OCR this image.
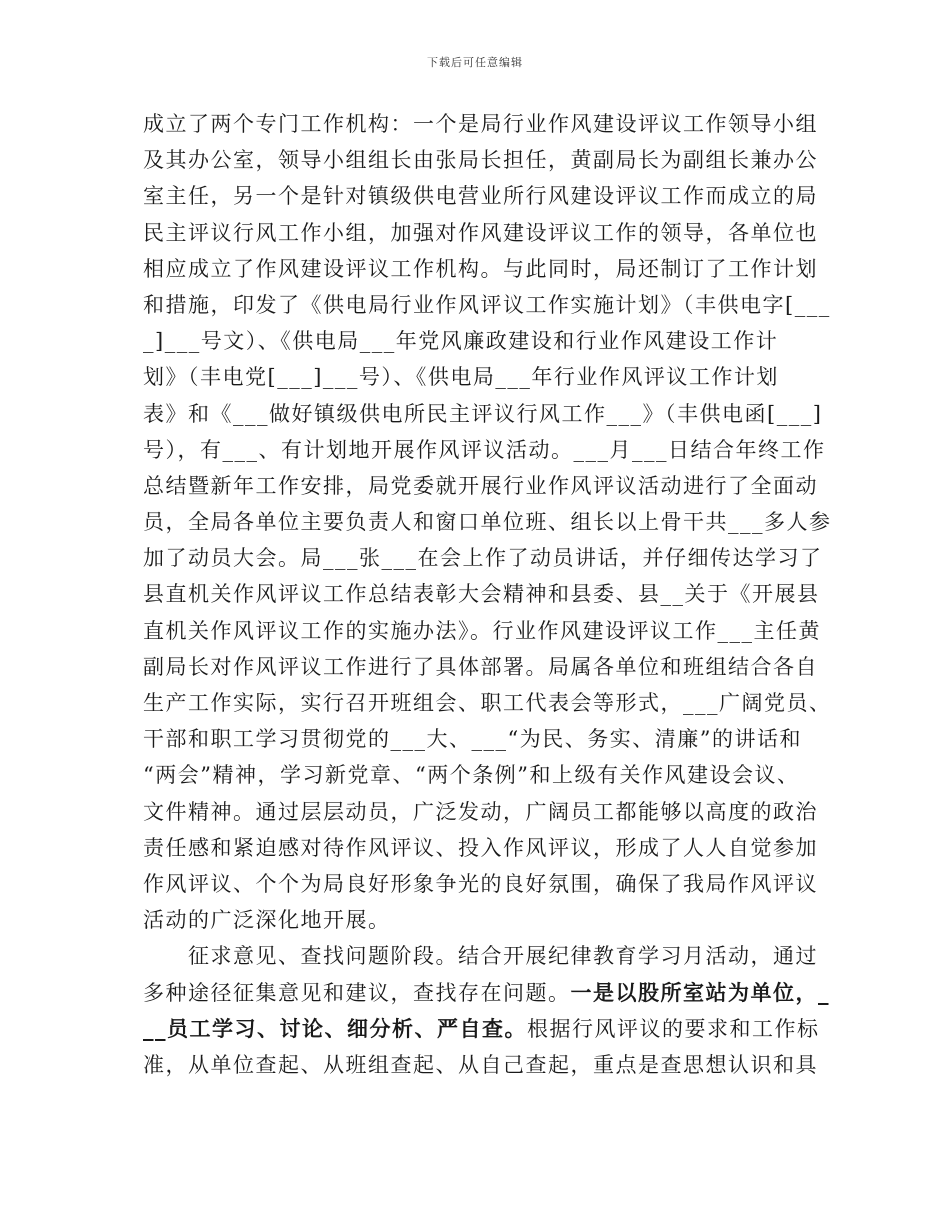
下载后可任意编辑
成立了两个专门工作机构：一个是局行业作风建设评议工作领导小组
及其办公室，领导小组组长由张局长担任，黄副局长为副组长兼办公
室主任，另一个是针对镇级供电营业所行风建设评议工作而成立的局
民主评议行风工作小组，加强对作风建设评议工作的领导，各单位也
相应成立了作风建设评议工作机构。与此同时，局还制订了工作计划
和措施，印发了《供电局行业作风评议工作实施计划》（丰供电字[___
_]___号文）、《供电局___年党风廉政建设和行业作风建设工作计
划》（丰电党[___]___号）、《供电局___年行业作风评议工作计划
表》和《___做好镇级供电所民主评议行风工作___》（丰供电函[___]
号），有___、有计划地开展作风评议活动。___月___日结合年终工作
总结暨新年工作安排，局党委就开展行业作风评议活动进行了全面动
员，全局各单位主要负责人和窗口单位班、组长以上骨干共___多人参
加了动员大会。局___张___在会上作了动员讲话，并仔细传达学习了
县直机关作风评议工作总结表彰大会精神和县委、县__关于《开展县
直机关作风评议工作的实施办法》。行业作风建设评议工作___主任黄
副局长对作风评议工作进行了具体部署。局属各单位和班组结合各自
生产工作实际，实行召开班组会、职工代表会等形式，___广阔党员、
干部和职工学习贯彻党的___大、___“为民、务实、清廉”的讲话和
“两会”精神，学习新党章、“两个条例”和上级有关作风建设会议、
文件精神。通过层层动员，广泛发动，广阔员工都能够以高度的政治
责任感和紧迫感对待作风评议、投入作风评议，形成了人人自觉参加
作风评议、个个为局良好形象争光的良好氛围，确保了我局作风评议
活动的广泛深化地开展。
　　征求意见、查找问题阶段。结合开展纪律教育学习月活动，通过
多种途径征集意见和建议，查找存在问题。一是以股所室站为单位，_
__员工学习、讨论、细分析、严自查。根据行风评议的要求和工作标
准，从单位查起、从班组查起、从自己查起，重点是查思想认识和具
